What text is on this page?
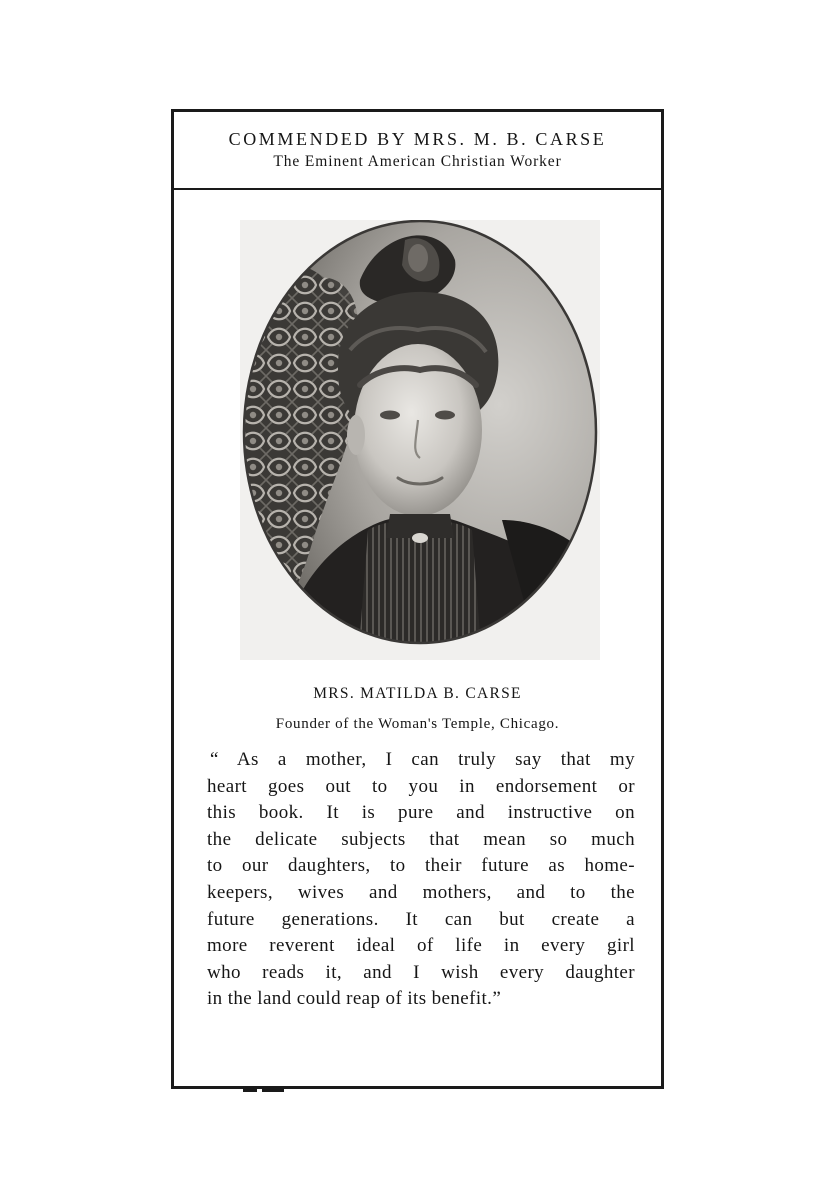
COMMENDED BY MRS. M. B. CARSE
The Eminent American Christian Worker
MRS. MATILDA B. CARSE
Founder of the Woman's Temple, Chicago.

“ As a mother, I can truly say that my
heart goes out to you in endorsement or
this book. It is pure and instructive on
the delicate subjects that mean so much
to our daughters, to their future as home-
keepers, wives and mothers, and to the
future generations. It can but create a
more reverent ideal of life in every girl
who reads it, and I wish every daughter
in the land could reap of its benefit.”
